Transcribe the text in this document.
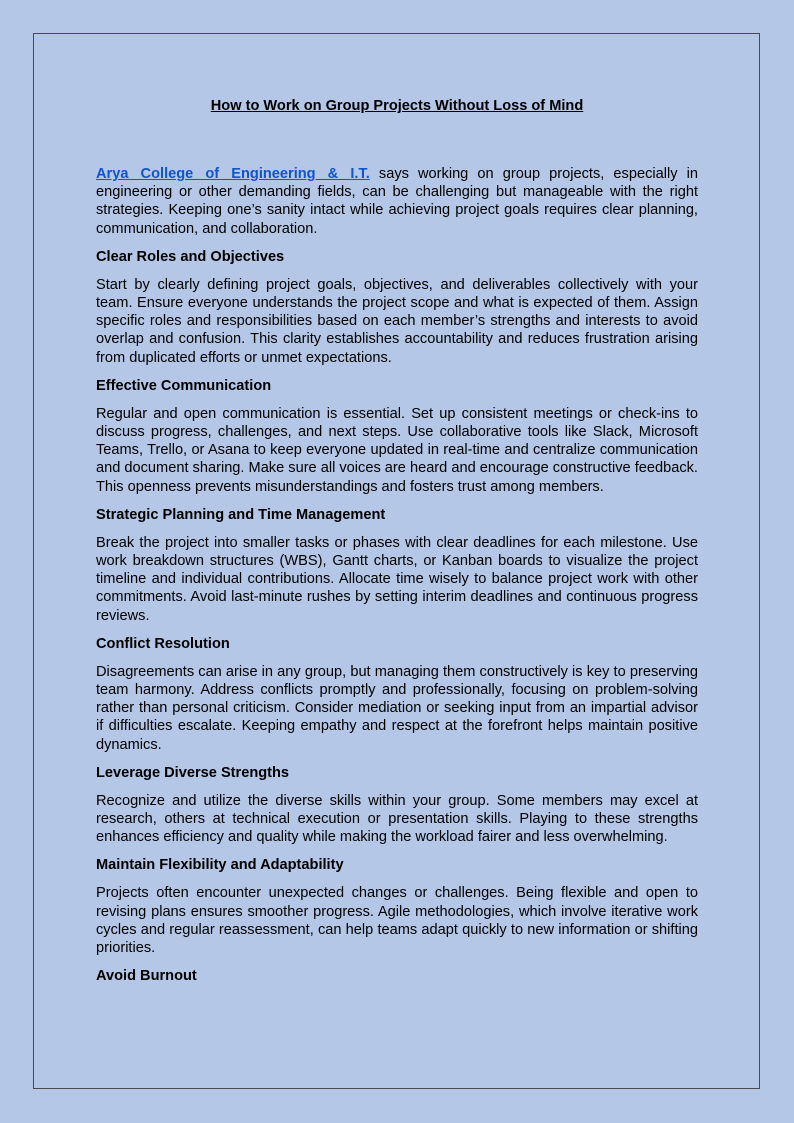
How to Work on Group Projects Without Loss of Mind

Arya College of Engineering & I.T. says working on group projects, especially in engineering or other demanding fields, can be challenging but manageable with the right strategies. Keeping one’s sanity intact while achieving project goals requires clear planning, communication, and collaboration.

Clear Roles and Objectives

Start by clearly defining project goals, objectives, and deliverables collectively with your team. Ensure everyone understands the project scope and what is expected of them. Assign specific roles and responsibilities based on each member’s strengths and interests to avoid overlap and confusion. This clarity establishes accountability and reduces frustration arising from duplicated efforts or unmet expectations.

Effective Communication

Regular and open communication is essential. Set up consistent meetings or check-ins to discuss progress, challenges, and next steps. Use collaborative tools like Slack, Microsoft Teams, Trello, or Asana to keep everyone updated in real-time and centralize communication and document sharing. Make sure all voices are heard and encourage constructive feedback. This openness prevents misunderstandings and fosters trust among members.

Strategic Planning and Time Management

Break the project into smaller tasks or phases with clear deadlines for each milestone. Use work breakdown structures (WBS), Gantt charts, or Kanban boards to visualize the project timeline and individual contributions. Allocate time wisely to balance project work with other commitments. Avoid last-minute rushes by setting interim deadlines and continuous progress reviews.

Conflict Resolution

Disagreements can arise in any group, but managing them constructively is key to preserving team harmony. Address conflicts promptly and professionally, focusing on problem-solving rather than personal criticism. Consider mediation or seeking input from an impartial advisor if difficulties escalate. Keeping empathy and respect at the forefront helps maintain positive dynamics.

Leverage Diverse Strengths

Recognize and utilize the diverse skills within your group. Some members may excel at research, others at technical execution or presentation skills. Playing to these strengths enhances efficiency and quality while making the workload fairer and less overwhelming.

Maintain Flexibility and Adaptability

Projects often encounter unexpected changes or challenges. Being flexible and open to revising plans ensures smoother progress. Agile methodologies, which involve iterative work cycles and regular reassessment, can help teams adapt quickly to new information or shifting priorities.

Avoid Burnout
